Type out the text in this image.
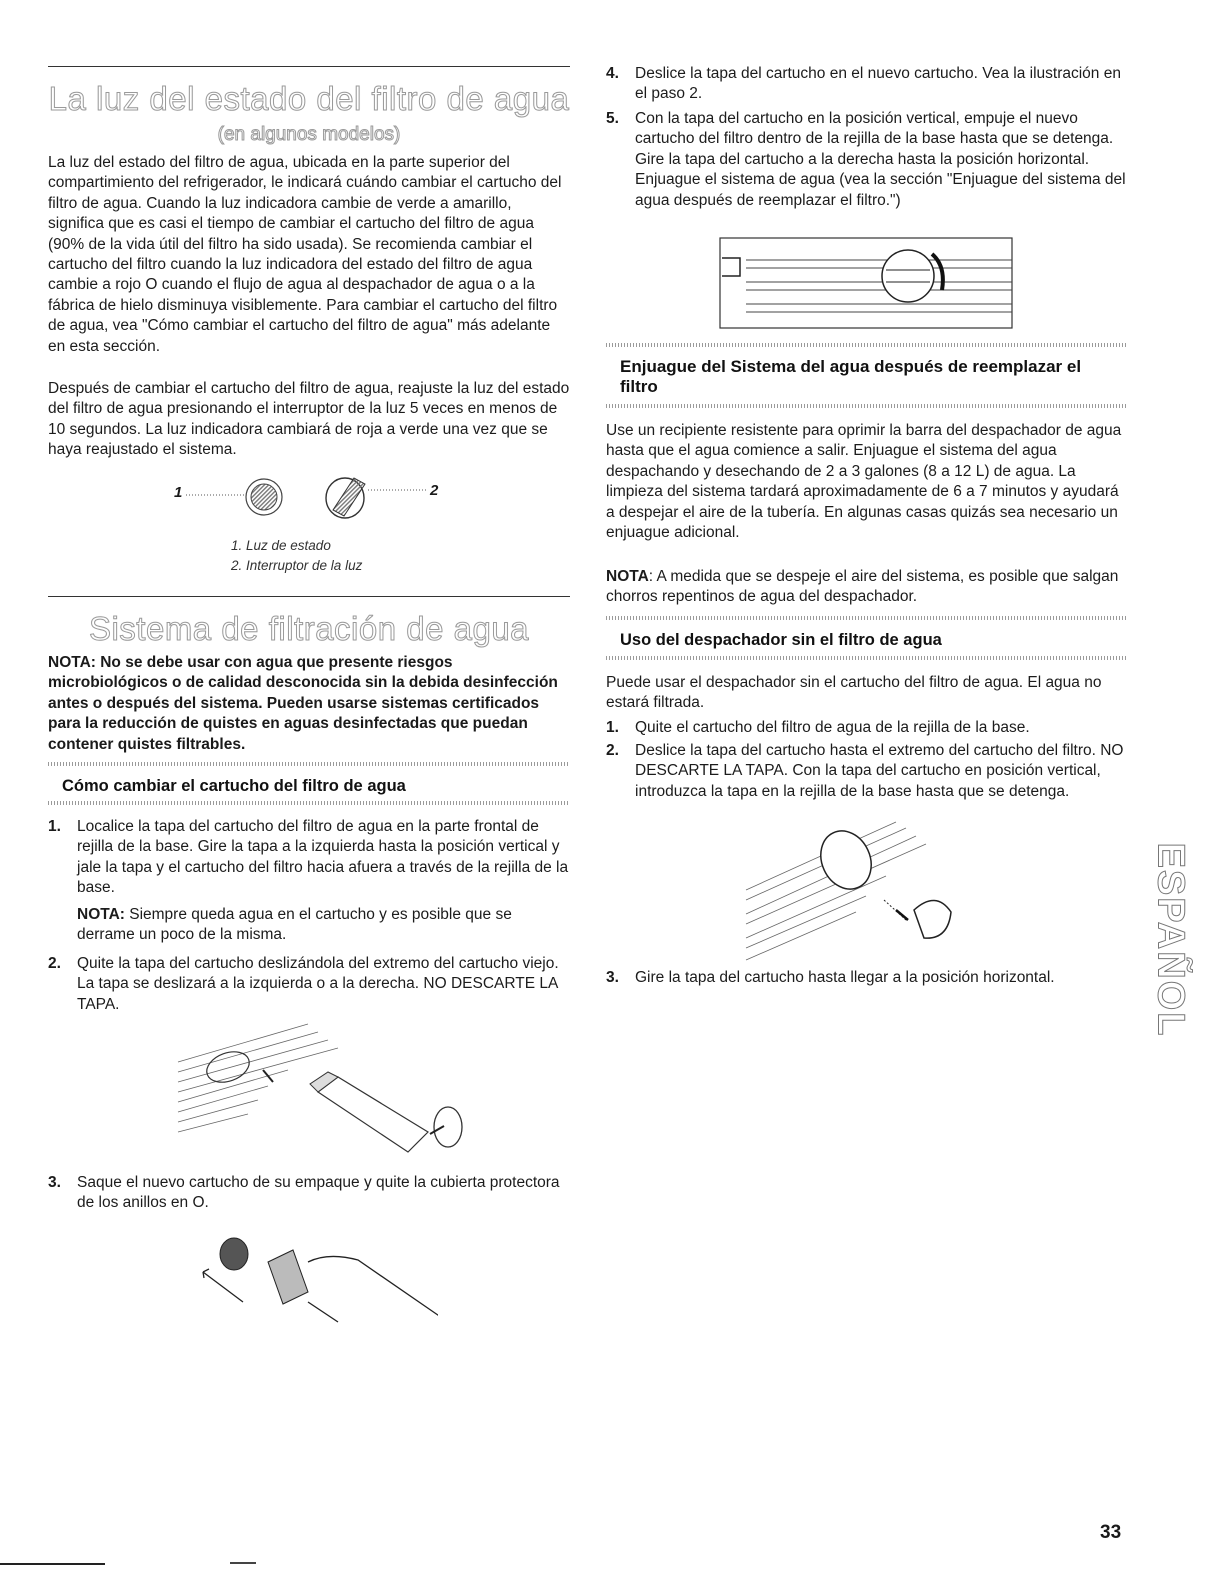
La luz del estado del filtro de agua
(en algunos modelos)

La luz del estado del filtro de agua, ubicada en la parte superior del compartimiento del refrigerador, le indicará cuándo cambiar el cartucho del filtro de agua. Cuando la luz indicadora cambie de verde a amarillo, significa que es casi el tiempo de cambiar el cartucho del filtro de agua (90% de la vida útil del filtro ha sido usada). Se recomienda cambiar el cartucho del filtro cuando la luz indicadora del estado del filtro de agua cambie a rojo O cuando el flujo de agua al despachador de agua o a la fábrica de hielo disminuya visiblemente. Para cambiar el cartucho del filtro de agua, vea "Cómo cambiar el cartucho del filtro de agua" más adelante en esta sección.

Después de cambiar el cartucho del filtro de agua, reajuste la luz del estado del filtro de agua presionando el interruptor de la luz 5 veces en menos de 10 segundos. La luz indicadora cambiará de roja a verde una vez que se haya reajustado el sistema.

1	2
1. Luz de estado
2. Interruptor de la luz
Sistema de filtración de agua

NOTA: No se debe usar con agua que presente riesgos microbiológicos o de calidad desconocida sin la debida desinfección antes o después del sistema. Pueden usarse sistemas certificados para la reducción de quistes en aguas desinfectadas que puedan contener quistes filtrables.

Cómo cambiar el cartucho del filtro de agua
1. Localice la tapa del cartucho del filtro de agua en la parte frontal de rejilla de la base. Gire la tapa a la izquierda hasta la posición vertical y jale la tapa y el cartucho del filtro hacia afuera a través de la rejilla de la base.

NOTA: Siempre queda agua en el cartucho y es posible que se derrame un poco de la misma.

2. Quite la tapa del cartucho deslizándola del extremo del cartucho viejo. La tapa se deslizará a la izquierda o a la derecha. NO DESCARTE LA TAPA.

3. Saque el nuevo cartucho de su empaque y quite la cubierta protectora de los anillos en O.

4. Deslice la tapa del cartucho en el nuevo cartucho. Vea la ilustración en el paso 2.

5. Con la tapa del cartucho en la posición vertical, empuje el nuevo cartucho del filtro dentro de la rejilla de la base hasta que se detenga. Gire la tapa del cartucho a la derecha hasta la posición horizontal. Enjuague el sistema de agua (vea la sección "Enjuague del sistema del agua después de reemplazar el filtro.")

Enjuague del Sistema del agua después de reemplazar el filtro

Use un recipiente resistente para oprimir la barra del despachador de agua hasta que el agua comience a salir. Enjuague el sistema del agua despachando y desechando de 2 a 3 galones (8 a 12 L) de agua. La limpieza del sistema tardará aproximadamente de 6 a 7 minutos y ayudará a despejar el aire de la tubería. En algunas casas quizás sea necesario un enjuague adicional.

NOTA: A medida que se despeje el aire del sistema, es posible que salgan chorros repentinos de agua del despachador.

Uso del despachador sin el filtro de agua

Puede usar el despachador sin el cartucho del filtro de agua. El agua no estará filtrada.

1. Quite el cartucho del filtro de agua de la rejilla de la base.

2. Deslice la tapa del cartucho hasta el extremo del cartucho del filtro. NO DESCARTE LA TAPA. Con la tapa del cartucho en posición vertical, introduzca la tapa en la rejilla de la base hasta que se detenga.

3. Gire la tapa del cartucho hasta llegar a la posición horizontal.	ESPAÑOL
33
